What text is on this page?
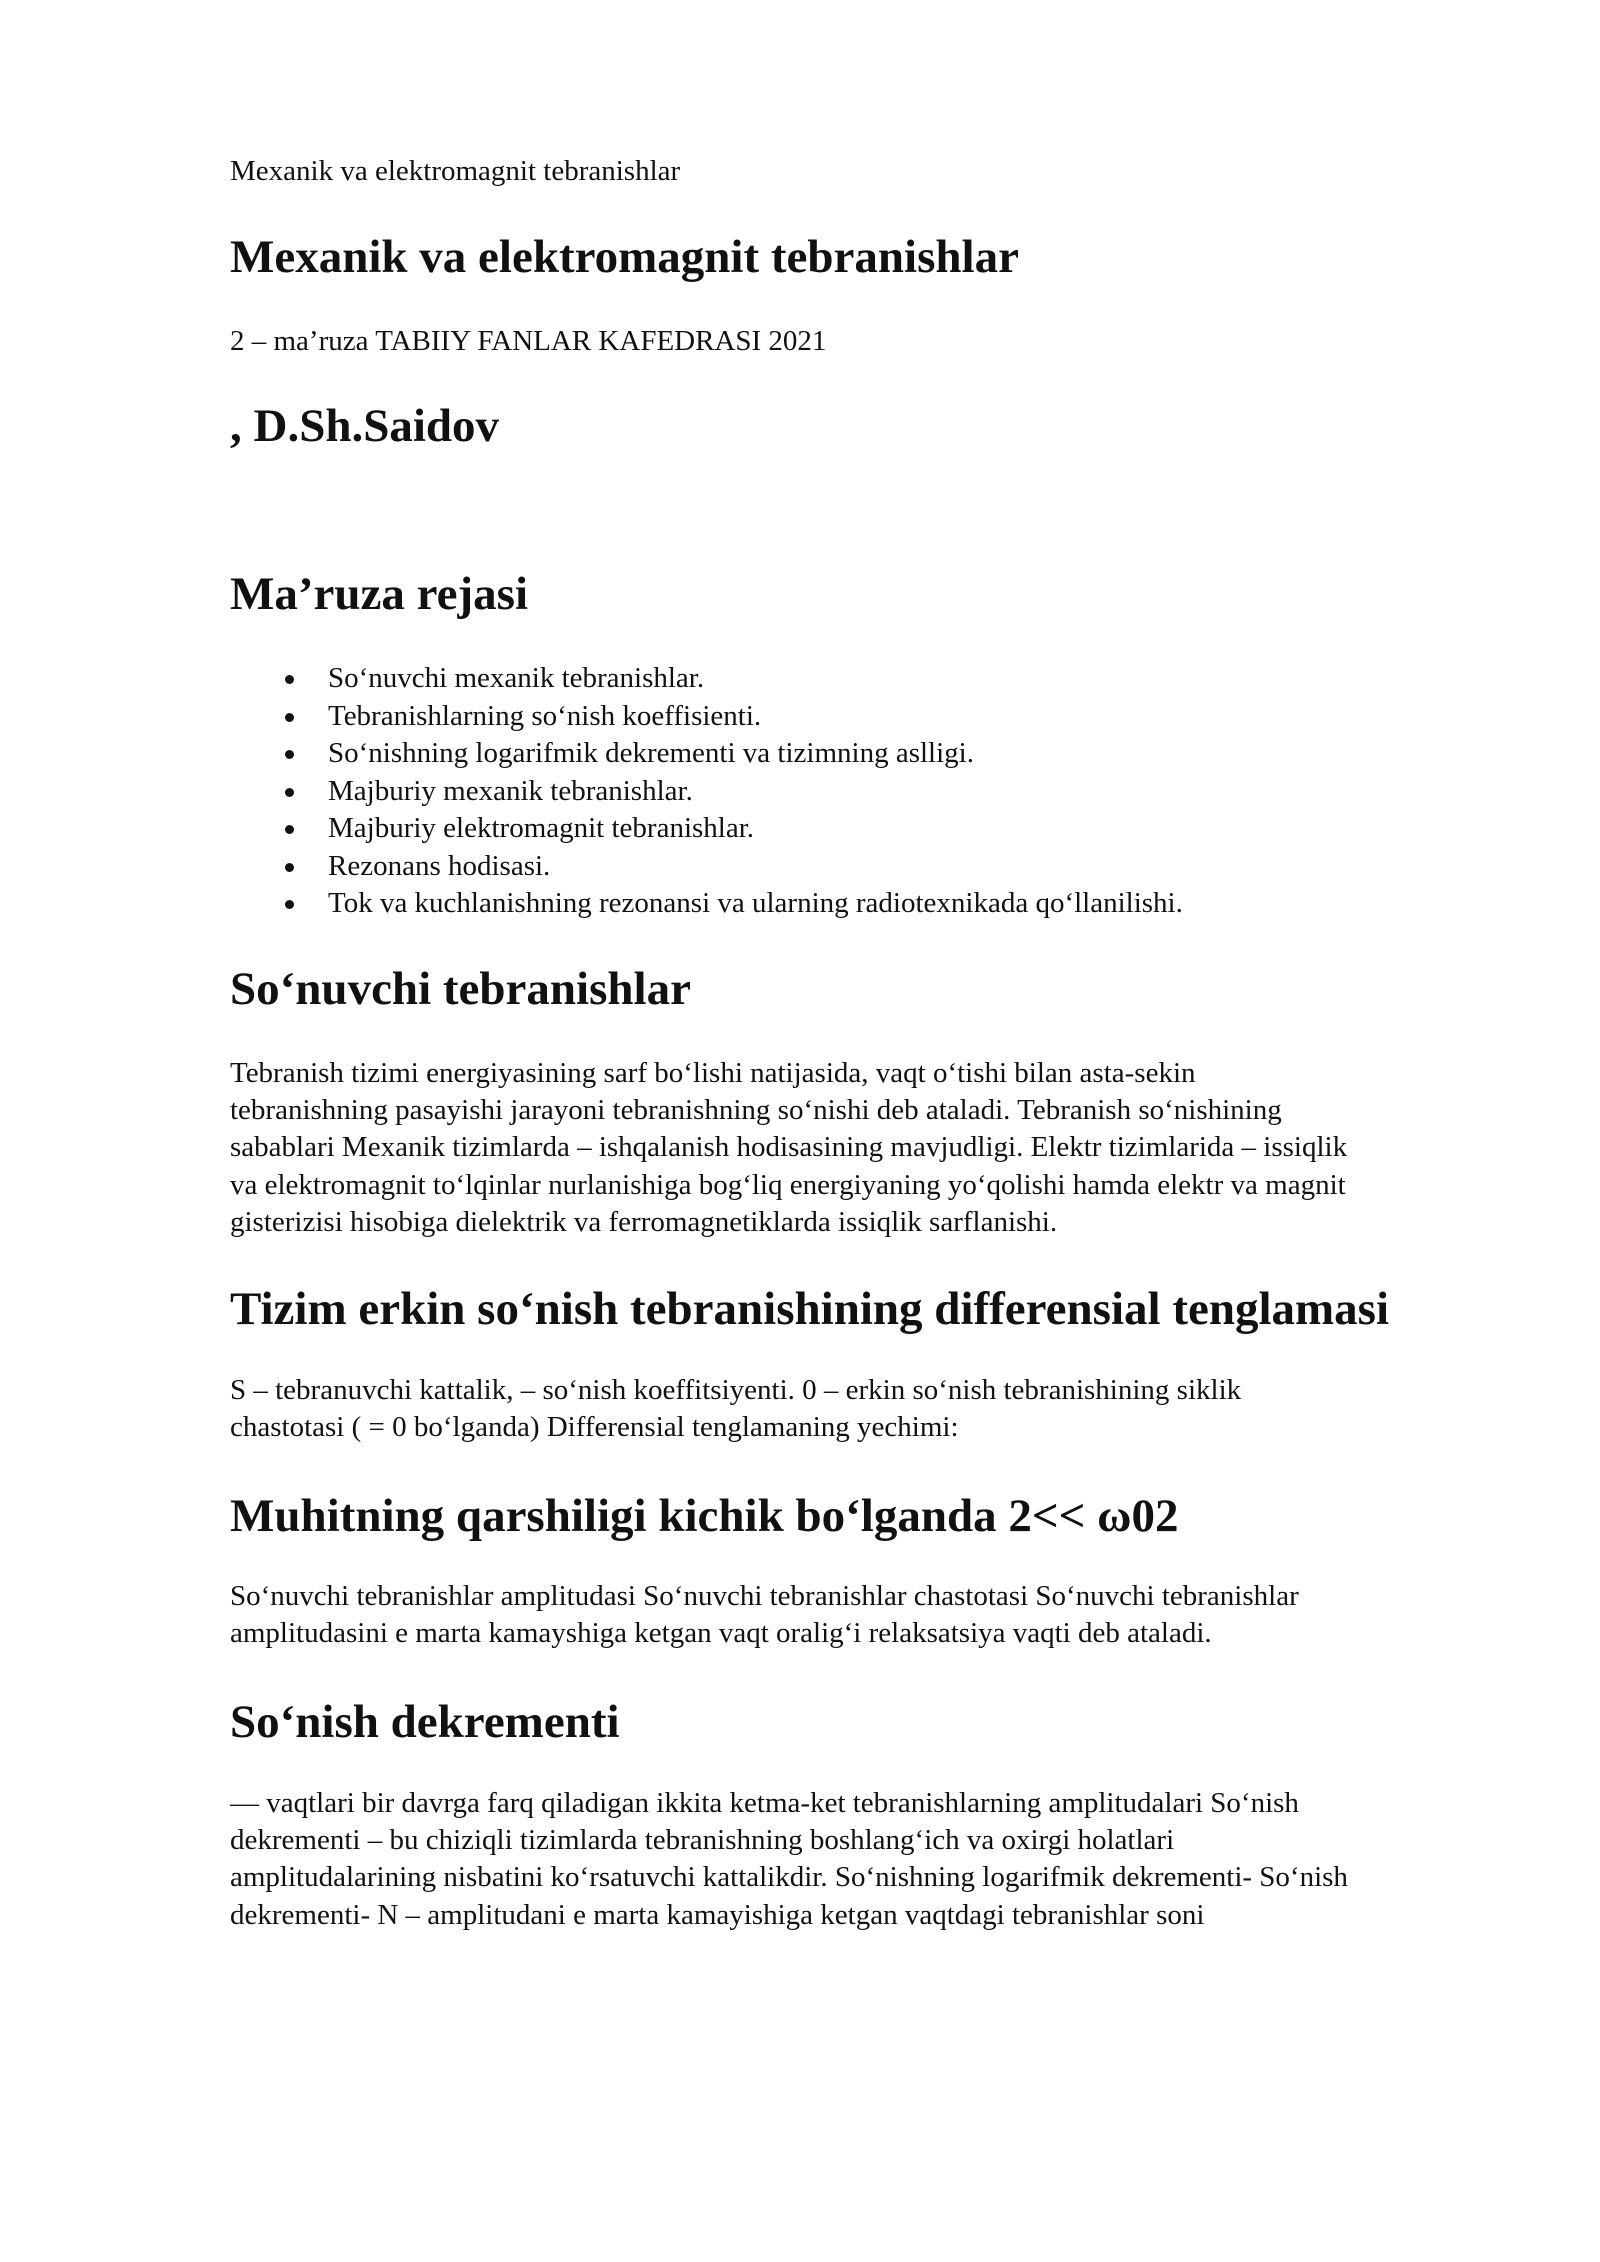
Mexanik va elektromagnit tebranishlar
Mexanik va elektromagnit tebranishlar
2 – ma’ruza TABIIY FANLAR KAFEDRASI 2021
, D.Sh.Saidov
Ma’ruza rejasi
So‘nuvchi mexanik tebranishlar.
Tebranishlarning so‘nish koeffisienti.
So‘nishning logarifmik dekrementi va tizimning aslligi.
Majburiy mexanik tebranishlar.
Majburiy elektromagnit tebranishlar.
Rezonans hodisasi.
Tok va kuchlanishning rezonansi va ularning radiotexnikada qo‘llanilishi.
So‘nuvchi tebranishlar

Tebranish tizimi energiyasining sarf bo‘lishi natijasida, vaqt o‘tishi bilan asta-sekin
tebranishning pasayishi jarayoni tebranishning so‘nishi deb ataladi. Tebranish so‘nishining
sabablari Mexanik tizimlarda – ishqalanish hodisasining mavjudligi. Elektr tizimlarida – issiqlik
va elektromagnit to‘lqinlar nurlanishiga bog‘liq energiyaning yo‘qolishi hamda elektr va magnit
gisterizisi hisobiga dielektrik va ferromagnetiklarda issiqlik sarflanishi.

Tizim erkin so‘nish tebranishining differensial tenglamasi

S – tebranuvchi kattalik, – so‘nish koeffitsiyenti. 0 – erkin so‘nish tebranishining siklik
chastotasi ( = 0 bo‘lganda) Differensial tenglamaning yechimi:

Muhitning qarshiligi kichik bo‘lganda 2<< ω02

So‘nuvchi tebranishlar amplitudasi So‘nuvchi tebranishlar chastotasi So‘nuvchi tebranishlar
amplitudasini e marta kamayshiga ketgan vaqt oralig‘i relaksatsiya vaqti deb ataladi.

So‘nish dekrementi

— vaqtlari bir davrga farq qiladigan ikkita ketma-ket tebranishlarning amplitudalari So‘nish
dekrementi – bu chiziqli tizimlarda tebranishning boshlang‘ich va oxirgi holatlari
amplitudalarining nisbatini ko‘rsatuvchi kattalikdir. So‘nishning logarifmik dekrementi- So‘nish
dekrementi- N – amplitudani e marta kamayishiga ketgan vaqtdagi tebranishlar soni
